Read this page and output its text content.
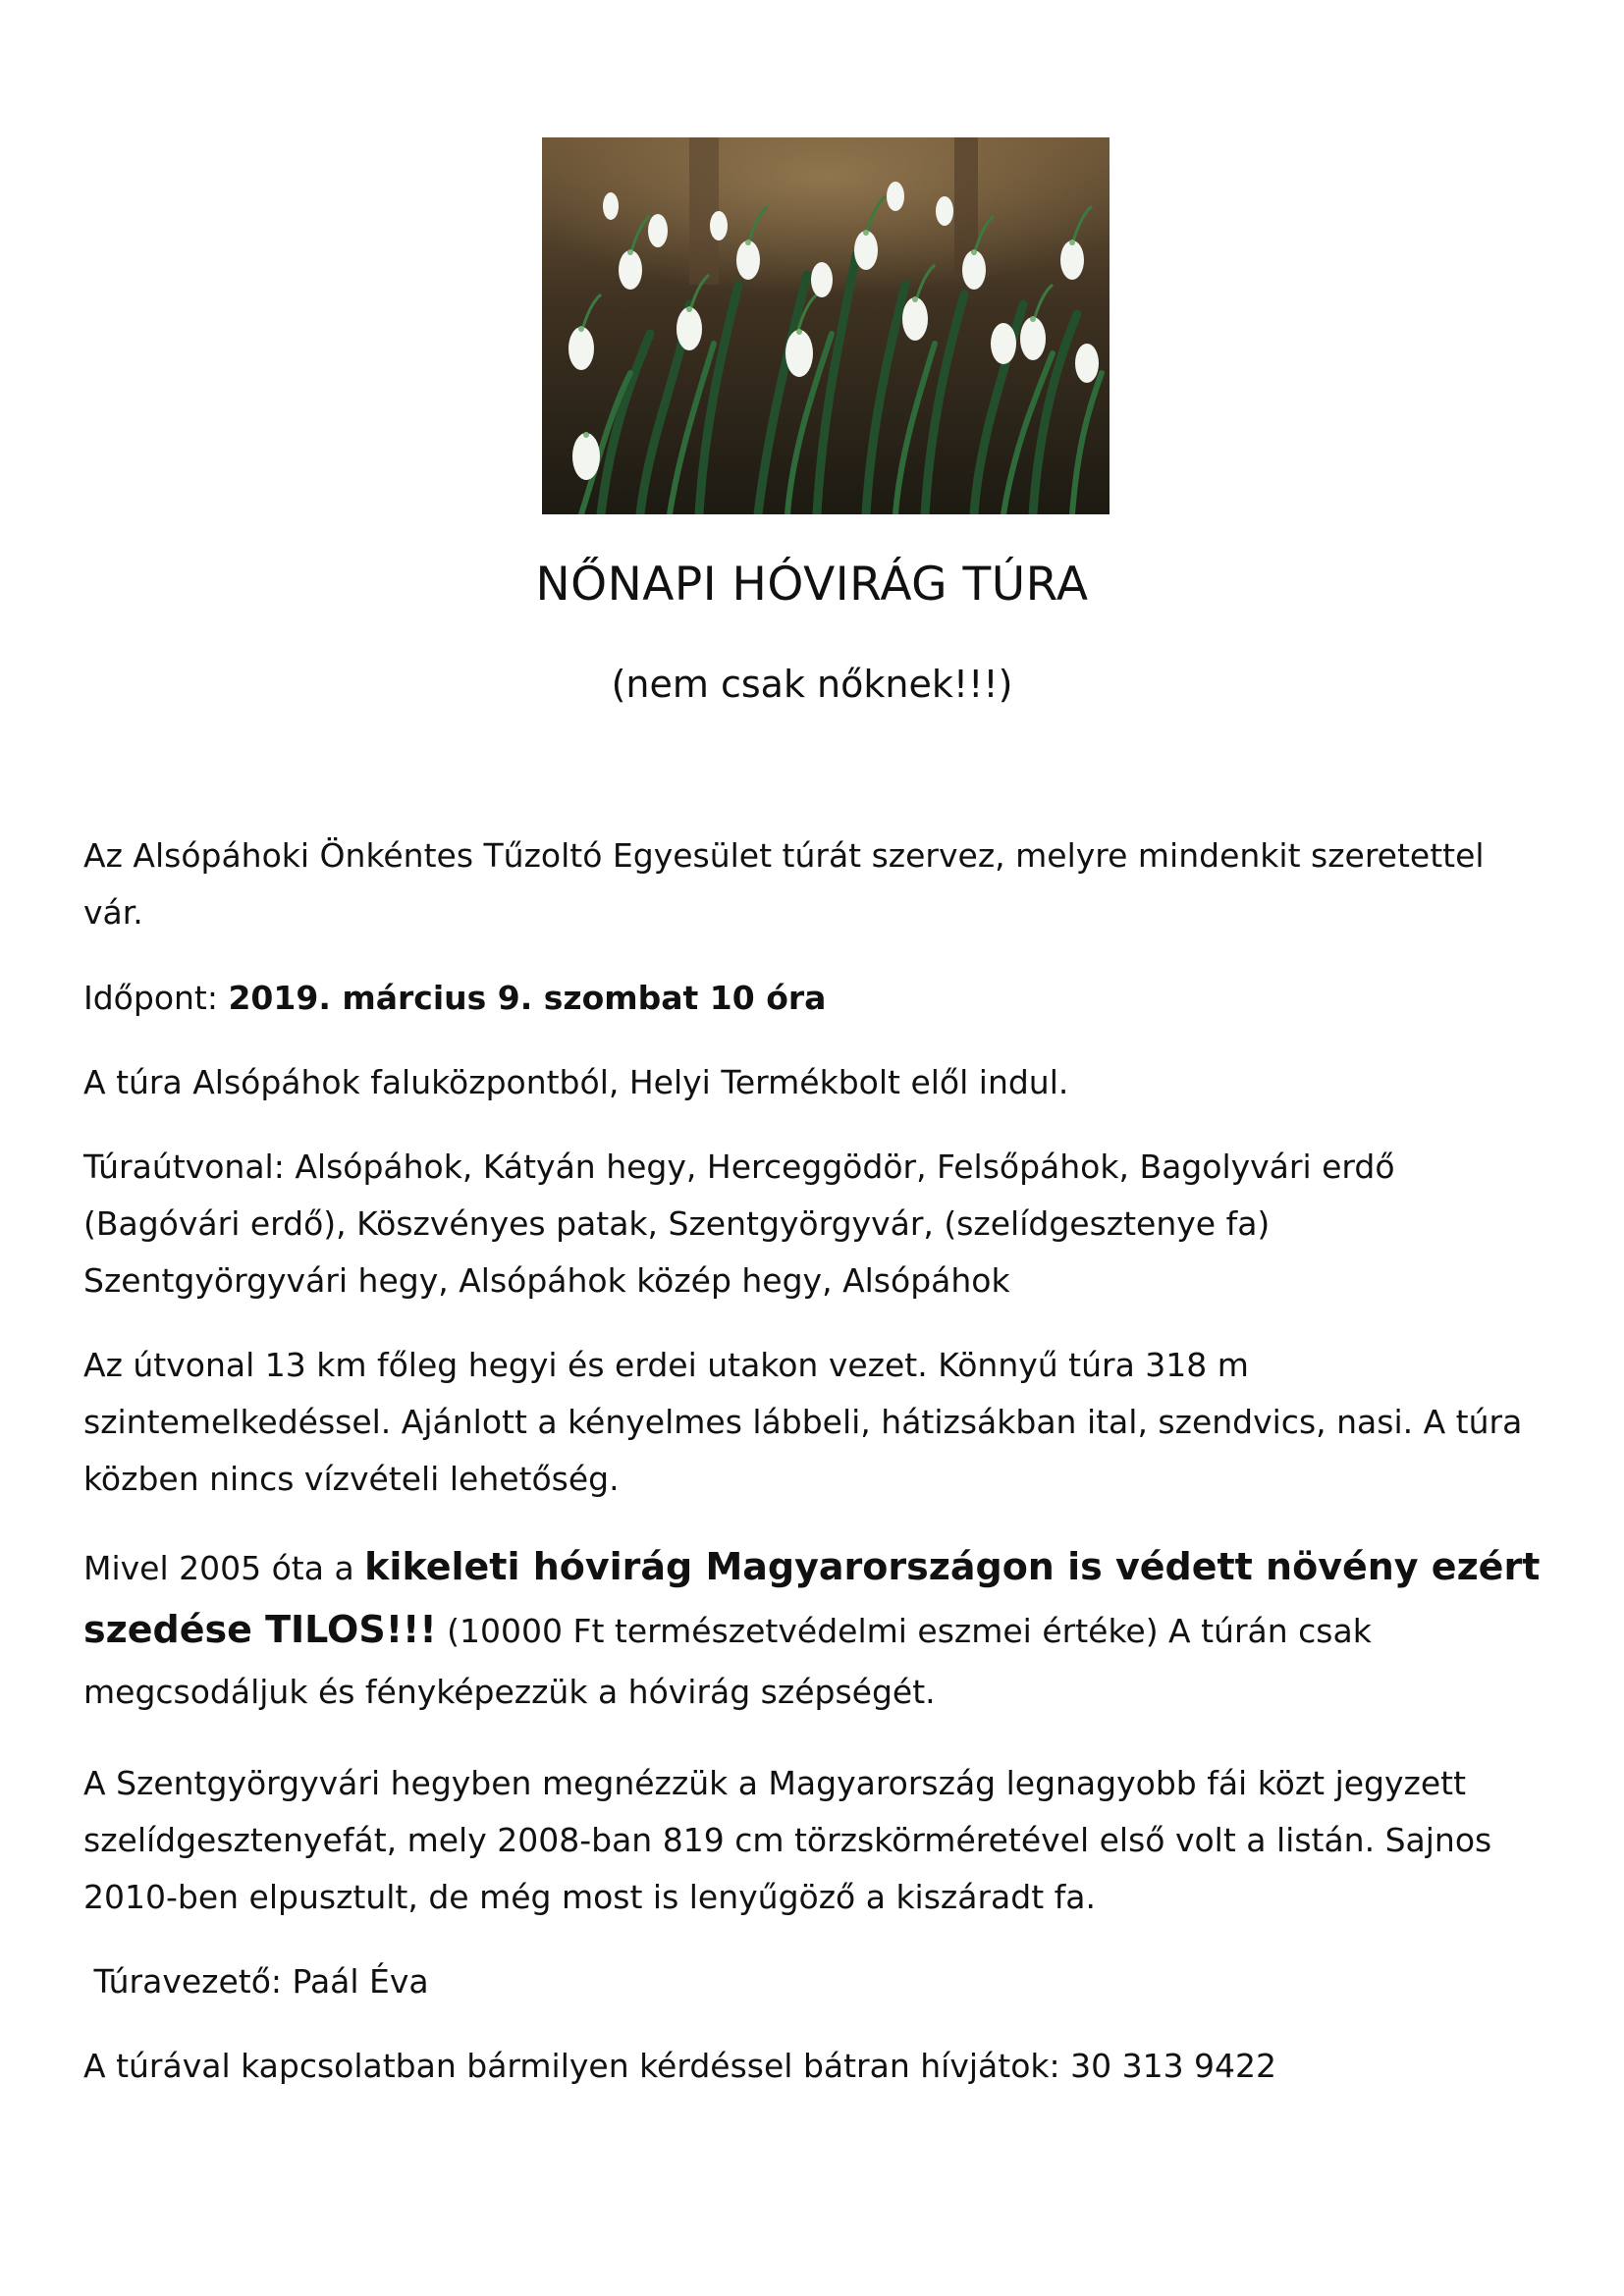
NŐNAPI HÓVIRÁG TÚRA
(nem csak nőknek!!!)

Az Alsópáhoki Önkéntes Tűzoltó Egyesület túrát szervez, melyre mindenkit szeretettel
vár.

Időpont: 2019. március 9. szombat 10 óra

A túra Alsópáhok faluközpontból, Helyi Termékbolt elől indul.

Túraútvonal: Alsópáhok, Kátyán hegy, Herceggödör, Felsőpáhok, Bagolyvári erdő
(Bagóvári erdő), Köszvényes patak, Szentgyörgyvár, (szelídgesztenye fa)
Szentgyörgyvári hegy, Alsópáhok közép hegy, Alsópáhok

Az útvonal 13 km főleg hegyi és erdei utakon vezet. Könnyű túra 318 m
szintemelkedéssel. Ajánlott a kényelmes lábbeli, hátizsákban ital, szendvics, nasi. A túra
közben nincs vízvételi lehetőség.

Mivel 2005 óta a kikeleti hóvirág Magyarországon is védett növény ezért
szedése TILOS!!! (10000 Ft természetvédelmi eszmei értéke) A túrán csak
megcsodáljuk és fényképezzük a hóvirág szépségét.

A Szentgyörgyvári hegyben megnézzük a Magyarország legnagyobb fái közt jegyzett
szelídgesztenyefát, mely 2008-ban 819 cm törzskörméretével első volt a listán. Sajnos
2010-ben elpusztult, de még most is lenyűgöző a kiszáradt fa.

Túravezető: Paál Éva

A túrával kapcsolatban bármilyen kérdéssel bátran hívjátok: 30 313 9422
